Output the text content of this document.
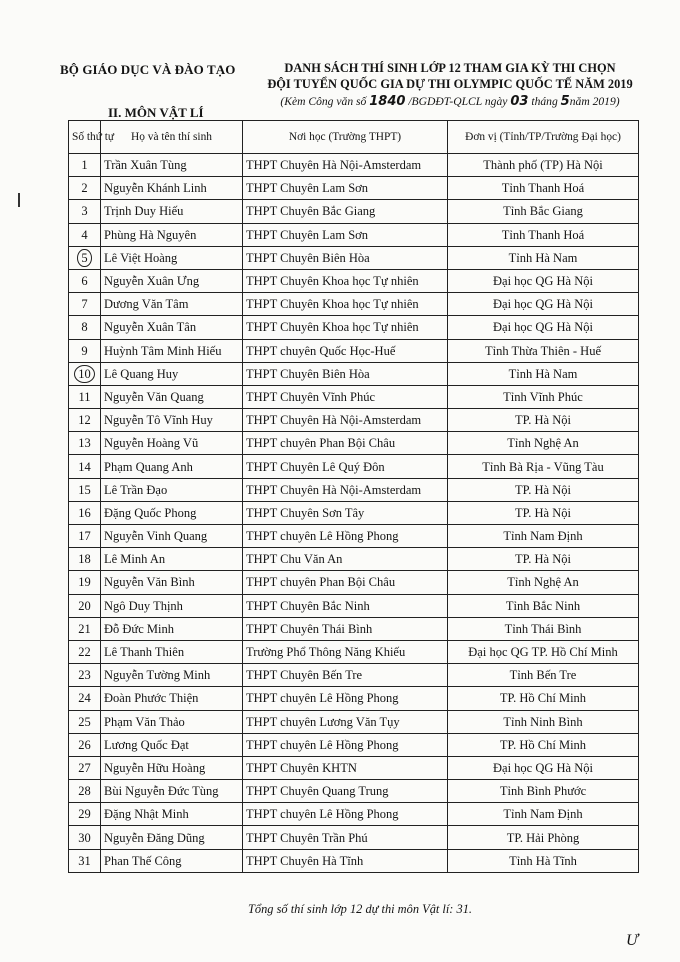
BỘ GIÁO DỤC VÀ ĐÀO TẠO	DANH SÁCH THÍ SINH LỚP 12 THAM GIA KỲ THI CHỌN
ĐỘI TUYỂN QUỐC GIA DỰ THI OLYMPIC QUỐC TẾ NĂM 2019
(Kèm Công văn số 1840 /BGDĐT-QLCL ngày 03 tháng 5năm 2019)
II. MÔN VẬT LÍ
Số thứ tự	Họ và tên thí sinh	Nơi học (Trường THPT)	Đơn vị (Tỉnh/TP/Trường Đại học)
1	Trần Xuân Tùng	THPT Chuyên Hà Nội-Amsterdam	Thành phố (TP) Hà Nội
2	Nguyễn Khánh Linh	THPT Chuyên Lam Sơn	Tỉnh Thanh Hoá
3	Trịnh Duy Hiếu	THPT Chuyên Bắc Giang	Tỉnh Bắc Giang
4	Phùng Hà Nguyên	THPT Chuyên Lam Sơn	Tỉnh Thanh Hoá
5	Lê Việt Hoàng	THPT Chuyên Biên Hòa	Tỉnh Hà Nam
6	Nguyễn Xuân Ưng	THPT Chuyên Khoa học Tự nhiên	Đại học QG Hà Nội
7	Dương Văn Tâm	THPT Chuyên Khoa học Tự nhiên	Đại học QG Hà Nội
8	Nguyễn Xuân Tân	THPT Chuyên Khoa học Tự nhiên	Đại học QG Hà Nội
9	Huỳnh Tâm Minh Hiếu	THPT chuyên Quốc Học-Huế	Tỉnh Thừa Thiên - Huế
10	Lê Quang Huy	THPT Chuyên Biên Hòa	Tỉnh Hà Nam
11	Nguyễn Văn Quang	THPT Chuyên Vĩnh Phúc	Tỉnh Vĩnh Phúc
12	Nguyễn Tô Vĩnh Huy	THPT Chuyên Hà Nội-Amsterdam	TP. Hà Nội
13	Nguyễn Hoàng Vũ	THPT chuyên Phan Bội Châu	Tỉnh Nghệ An
14	Phạm Quang Anh	THPT Chuyên Lê Quý Đôn	Tỉnh Bà Rịa - Vũng Tàu
15	Lê Trần Đạo	THPT Chuyên Hà Nội-Amsterdam	TP. Hà Nội
16	Đặng Quốc Phong	THPT Chuyên Sơn Tây	TP. Hà Nội
17	Nguyễn Vinh Quang	THPT chuyên Lê Hồng Phong	Tỉnh Nam Định
18	Lê Minh An	THPT Chu Văn An	TP. Hà Nội
19	Nguyễn Văn Bình	THPT chuyên Phan Bội Châu	Tỉnh Nghệ An
20	Ngô Duy Thịnh	THPT Chuyên Bắc Ninh	Tỉnh Bắc Ninh
21	Đỗ Đức Minh	THPT Chuyên Thái Bình	Tỉnh Thái Bình
22	Lê Thanh Thiên	Trường Phổ Thông Năng Khiếu	Đại học QG TP. Hồ Chí Minh
23	Nguyễn Tường Minh	THPT Chuyên Bến Tre	Tỉnh Bến Tre
24	Đoàn Phước Thiện	THPT chuyên Lê Hồng Phong	TP. Hồ Chí Minh
25	Phạm Văn Thảo	THPT chuyên Lương Văn Tụy	Tỉnh Ninh Bình
26	Lương Quốc Đạt	THPT chuyên Lê Hồng Phong	TP. Hồ Chí Minh
27	Nguyễn Hữu Hoàng	THPT Chuyên KHTN	Đại học QG Hà Nội
28	Bùi Nguyễn Đức Tùng	THPT Chuyên Quang Trung	Tỉnh Bình Phước
29	Đặng Nhật Minh	THPT chuyên Lê Hồng Phong	Tỉnh Nam Định
30	Nguyễn Đăng Dũng	THPT Chuyên Trần Phú	TP. Hải Phòng
31	Phan Thế Công	THPT Chuyên Hà Tĩnh	Tỉnh Hà Tĩnh
Tổng số thí sinh lớp 12 dự thi môn Vật lí: 31.
Ư
